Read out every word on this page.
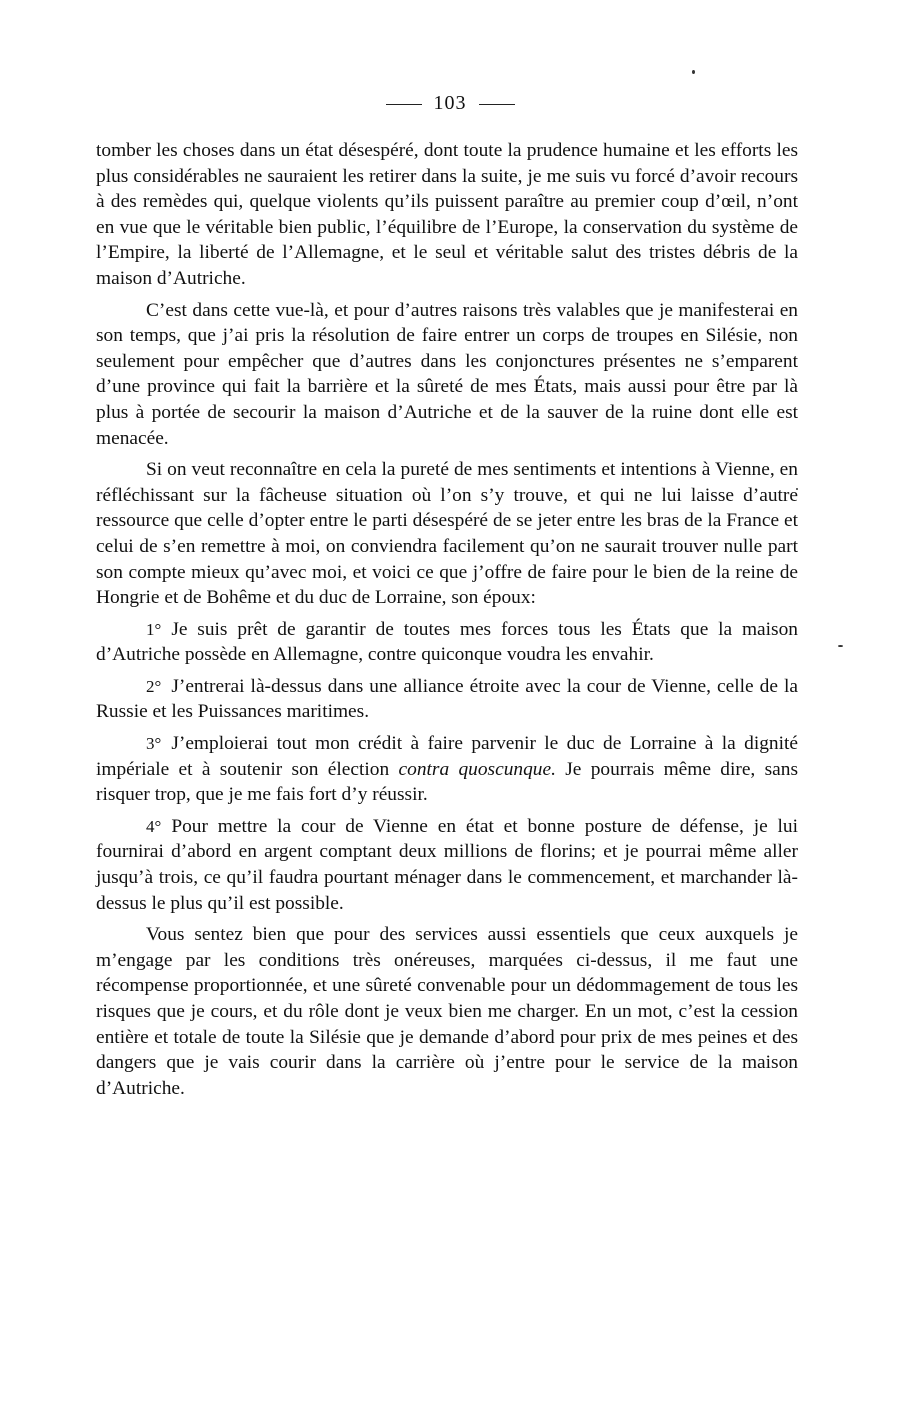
103

tomber les choses dans un état désespéré, dont toute la prudence humaine et les efforts les plus considérables ne sauraient les retirer dans la suite, je me suis vu forcé d’avoir recours à des remèdes qui, quelque violents qu’ils puissent paraître au premier coup d’œil, n’ont en vue que le véritable bien public, l’équilibre de l’Europe, la conservation du système de l’Empire, la liberté de l’Allemagne, et le seul et véritable salut des tristes débris de la maison d’Autriche.

C’est dans cette vue-là, et pour d’autres raisons très valables que je manifesterai en son temps, que j’ai pris la résolution de faire entrer un corps de troupes en Silésie, non seulement pour empêcher que d’autres dans les conjonctures présentes ne s’emparent d’une province qui fait la barrière et la sûreté de mes États, mais aussi pour être par là plus à portée de secourir la maison d’Autriche et de la sauver de la ruine dont elle est menacée.

Si on veut reconnaître en cela la pureté de mes sentiments et intentions à Vienne, en réfléchissant sur la fâcheuse situation où l’on s’y trouve, et qui ne lui laisse d’autre ressource que celle d’opter entre le parti désespéré de se jeter entre les bras de la France et celui de s’en remettre à moi, on conviendra facilement qu’on ne saurait trouver nulle part son compte mieux qu’avec moi, et voici ce que j’offre de faire pour le bien de la reine de Hongrie et de Bohême et du duc de Lorraine, son époux:

1° Je suis prêt de garantir de toutes mes forces tous les États que la maison d’Autriche possède en Allemagne, contre quiconque voudra les envahir.

2° J’entrerai là-dessus dans une alliance étroite avec la cour de Vienne, celle de la Russie et les Puissances maritimes.

3° J’emploierai tout mon crédit à faire parvenir le duc de Lorraine à la dignité impériale et à soutenir son élection contra quoscunque. Je pourrais même dire, sans risquer trop, que je me fais fort d’y réussir.

4° Pour mettre la cour de Vienne en état et bonne posture de défense, je lui fournirai d’abord en argent comptant deux millions de florins; et je pourrai même aller jusqu’à trois, ce qu’il faudra pourtant ménager dans le commencement, et marchander là-dessus le plus qu’il est possible.

Vous sentez bien que pour des services aussi essentiels que ceux auxquels je m’engage par les conditions très onéreuses, marquées ci-dessus, il me faut une récompense proportionnée, et une sûreté convenable pour un dédommagement de tous les risques que je cours, et du rôle dont je veux bien me charger. En un mot, c’est la cession entière et totale de toute la Silésie que je demande d’abord pour prix de mes peines et des dangers que je vais courir dans la carrière où j’entre pour le service de la maison d’Autriche.
